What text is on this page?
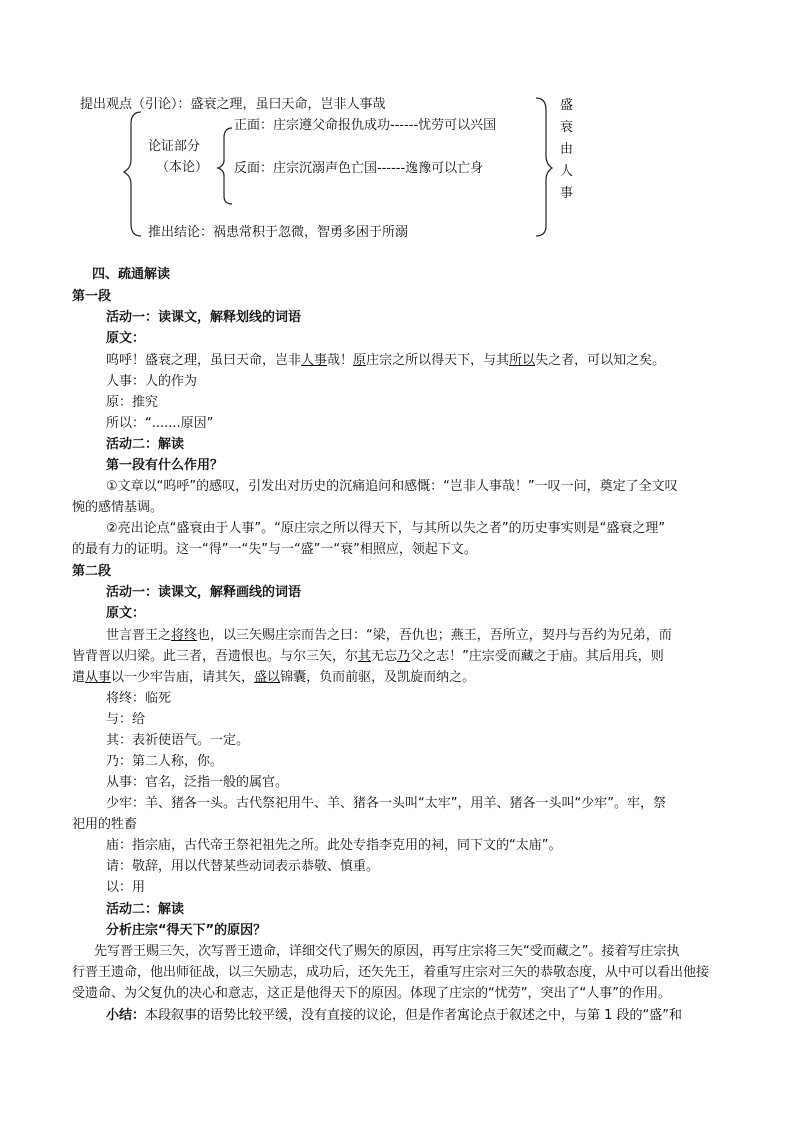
提出观点（引论）：盛衰之理，虽曰天命，岂非人事哉
论证部分
（本论）
正面：庄宗遵父命报仇成功------忧劳可以兴国
反面：庄宗沉溺声色亡国------逸豫可以亡身
推出结论：祸患常积于忽微，智勇多困于所溺
盛
衰
由
人
事
四、疏通解读
第一段
活动一：读课文，解释划线的词语
原文：
呜呼！盛衰之理，虽曰天命，岂非人事哉！原庄宗之所以得天下，与其所以失之者，可以知之矣。
人事：人的作为
原：推究
所以：“.......原因”
活动二：解读
第一段有什么作用？
①文章以“呜呼”的感叹，引发出对历史的沉痛追问和感慨：“岂非人事哉！”一叹一问，奠定了全文叹
惋的感情基调。
②亮出论点“盛衰由于人事”。“原庄宗之所以得天下，与其所以失之者”的历史事实则是“盛衰之理”
的最有力的证明。这一“得”一“失”与一“盛”一“衰”相照应，领起下文。
第二段
活动一：读课文，解释画线的词语
原文：
世言晋王之将终也，以三矢赐庄宗而告之曰：“梁，吾仇也；燕王，吾所立，契丹与吾约为兄弟，而
皆背晋以归梁。此三者，吾遗恨也。与尔三矢，尔其无忘乃父之志！”庄宗受而藏之于庙。其后用兵，则
遣从事以一少牢告庙，请其矢，盛以锦囊，负而前驱，及凯旋而纳之。
将终：临死
与：给
其：表祈使语气。一定。
乃：第二人称，你。
从事：官名，泛指一般的属官。
少牢：羊、猪各一头。古代祭祀用牛、羊、猪各一头叫“太牢”，用羊、猪各一头叫“少牢”。牢，祭
祀用的牲畜
庙：指宗庙，古代帝王祭祀祖先之所。此处专指李克用的祠，同下文的“太庙”。
请：敬辞，用以代替某些动词表示恭敬、慎重。
以：用
活动二：解读
分析庄宗“得天下”的原因？
先写晋王赐三矢，次写晋王遗命，详细交代了赐矢的原因，再写庄宗将三矢“受而藏之”。接着写庄宗执
行晋王遗命，他出师征战，以三矢励志，成功后，还矢先王，着重写庄宗对三矢的恭敬态度，从中可以看出他接
受遗命、为父复仇的决心和意志，这正是他得天下的原因。体现了庄宗的“忧劳”，突出了“人事”的作用。
小结：本段叙事的语势比较平缓，没有直接的议论，但是作者寓论点于叙述之中，与第 1 段的“盛”和
